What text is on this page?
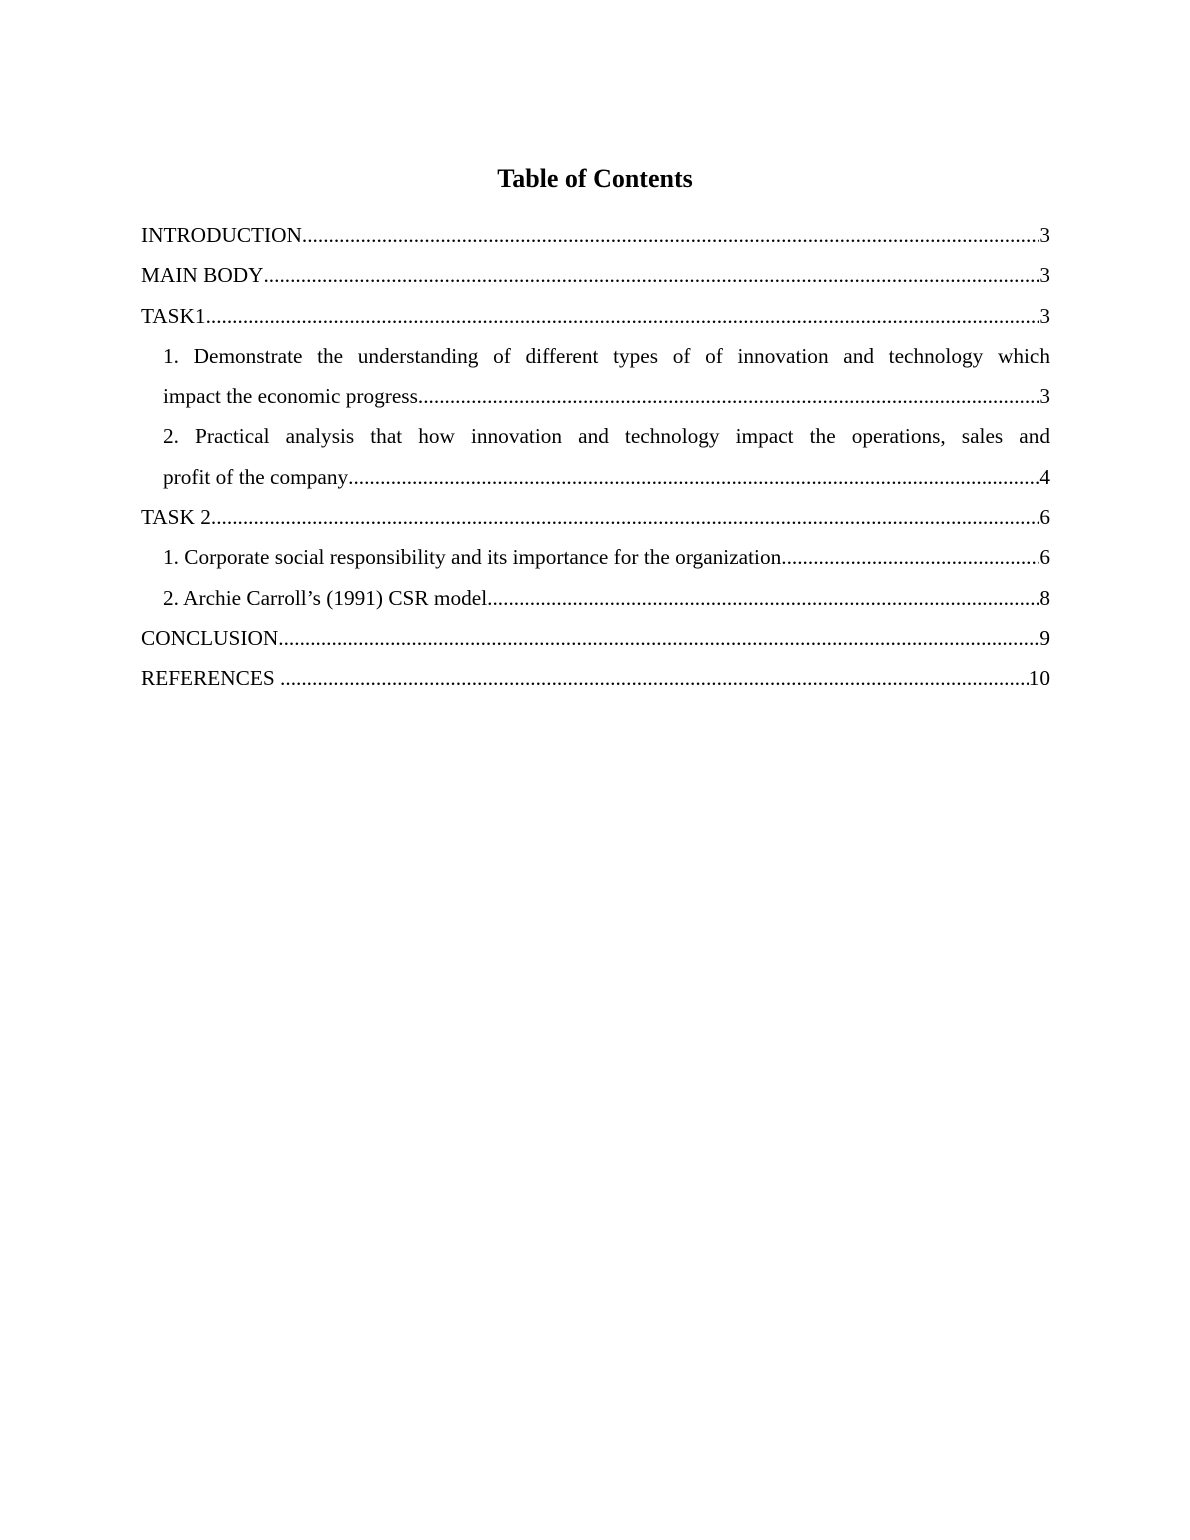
Table of Contents
INTRODUCTION .....	3
MAIN BODY .....	3
TASK1 .....	3
1. Demonstrate the understanding of different types of of innovation and technology which
impact the economic progress .....	3
2. Practical analysis that how innovation and technology impact the operations, sales and
profit of the company .....	4
TASK 2 .....	6
1. Corporate social responsibility and its importance for the organization .....	6
2. Archie Carroll’s (1991) CSR model .....	8
CONCLUSION .....	9
REFERENCES .....	10
